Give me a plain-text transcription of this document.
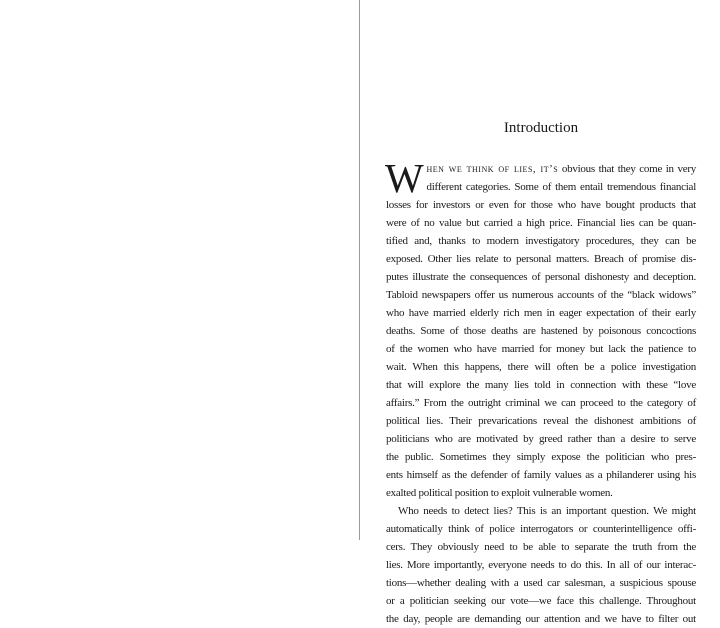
Introduction
W hen we think of lies, it’s obvious that they come in very
different categories. Some of them entail tremendous financial
losses for investors or even for those who have bought products that
were of no value but carried a high price. Financial lies can be quan-
tified and, thanks to modern investigatory procedures, they can be
exposed. Other lies relate to personal matters. Breach of promise dis-
putes illustrate the consequences of personal dishonesty and deception.
Tabloid newspapers offer us numerous accounts of the “black widows”
who have married elderly rich men in eager expectation of their early
deaths. Some of those deaths are hastened by poisonous concoctions
of the women who have married for money but lack the patience to
wait. When this happens, there will often be a police investigation
that will explore the many lies told in connection with these “love
affairs.” From the outright criminal we can proceed to the category of
political lies. Their prevarications reveal the dishonest ambitions of
politicians who are motivated by greed rather than a desire to serve
the public. Sometimes they simply expose the politician who pres-
ents himself as the defender of family values as a philanderer using his
exalted political position to exploit vulnerable women.
Who needs to detect lies? This is an important question. We might
automatically think of police interrogators or counterintelligence offi-
cers. They obviously need to be able to separate the truth from the
lies. More importantly, everyone needs to do this. In all of our interac-
tions—whether dealing with a used car salesman, a suspicious spouse
or a politician seeking our vote—we face this challenge. Throughout
the day, people are demanding our attention and we have to filter out
